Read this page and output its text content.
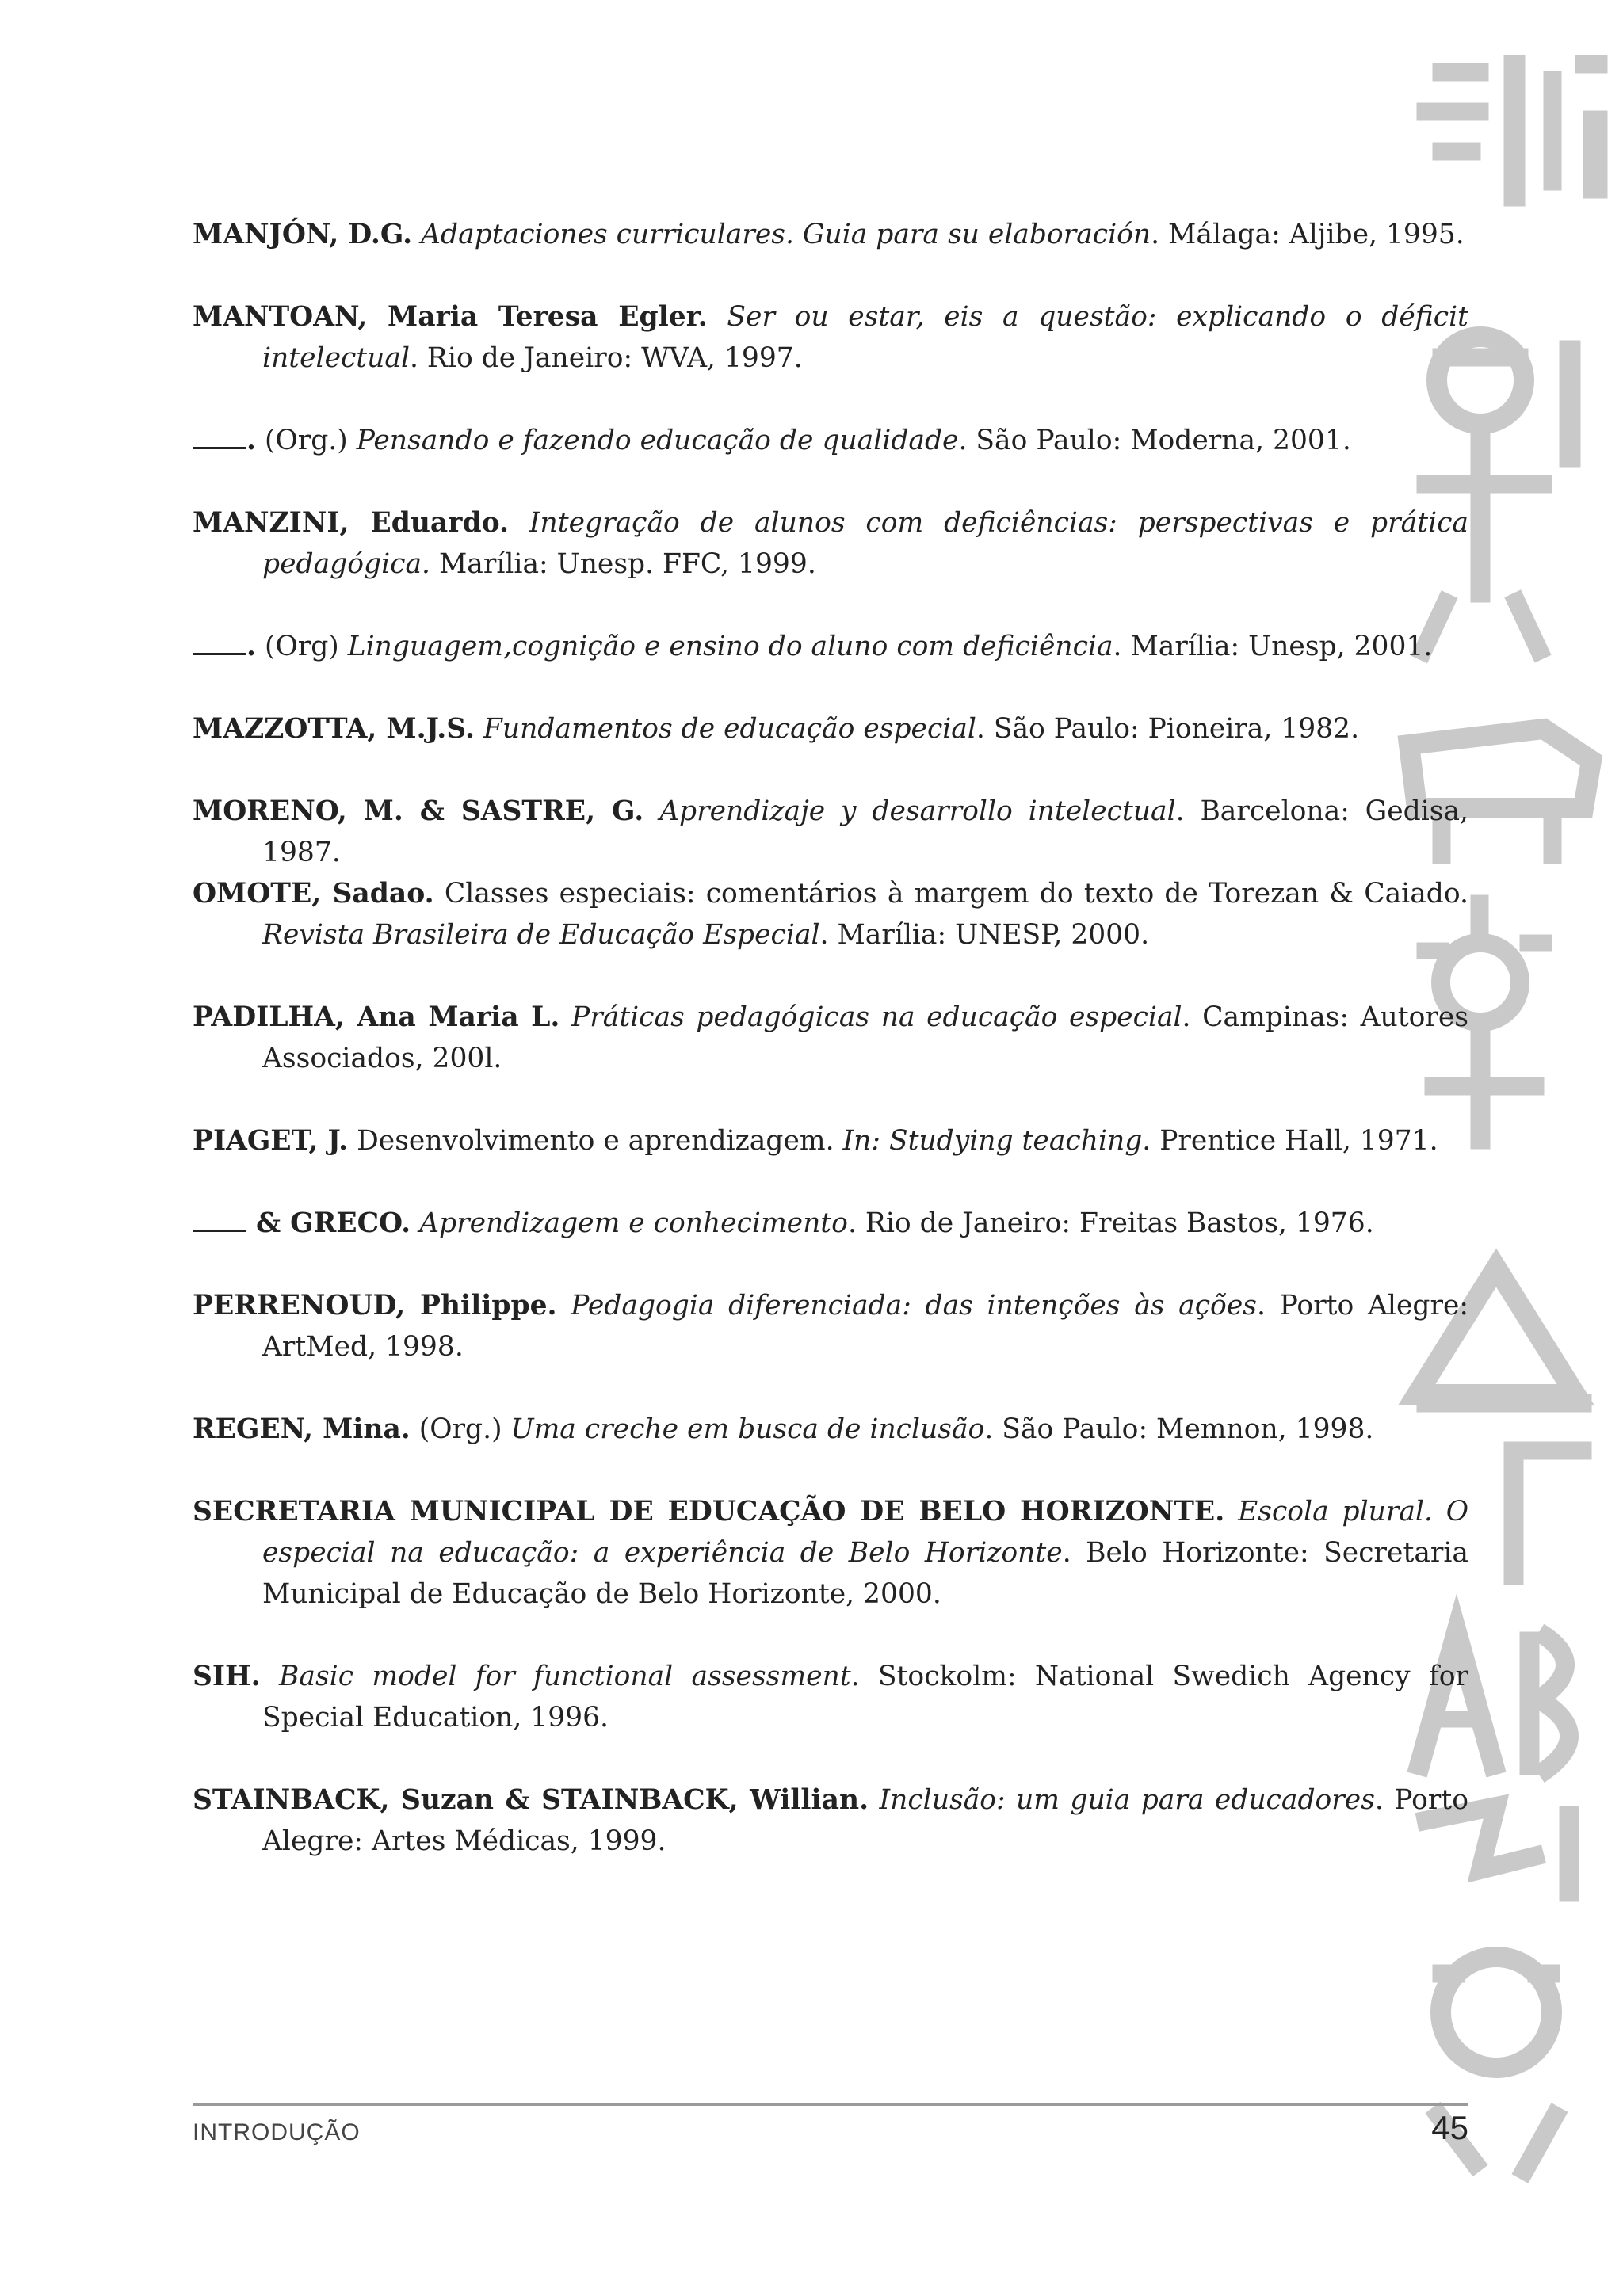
MANJÓN, D.G. Adaptaciones curriculares. Guia para su elaboración. Málaga: Aljibe, 1995.
MANTOAN, Maria Teresa Egler. Ser ou estar, eis a questão: explicando o déficit intelectual. Rio de Janeiro: WVA, 1997.
. (Org.) Pensando e fazendo educação de qualidade. São Paulo: Moderna, 2001.
MANZINI, Eduardo. Integração de alunos com deficiências: perspectivas e prática pedagógica. Marília: Unesp. FFC, 1999.
. (Org) Linguagem,cognição e ensino do aluno com deficiência. Marília: Unesp, 2001.
MAZZOTTA, M.J.S. Fundamentos de educação especial. São Paulo: Pioneira, 1982.
MORENO, M. & SASTRE, G. Aprendizaje y desarrollo intelectual. Barcelona: Gedisa, 1987.
OMOTE, Sadao. Classes especiais: comentários à margem do texto de Torezan & Caiado. Revista Brasileira de Educação Especial. Marília: UNESP, 2000.
PADILHA, Ana Maria L. Práticas pedagógicas na educação especial. Campinas: Autores Associados, 200l.
PIAGET, J. Desenvolvimento e aprendizagem. In: Studying teaching. Prentice Hall, 1971.
& GRECO. Aprendizagem e conhecimento. Rio de Janeiro: Freitas Bastos, 1976.
PERRENOUD, Philippe. Pedagogia diferenciada: das intenções às ações. Porto Alegre: ArtMed, 1998.
REGEN, Mina. (Org.) Uma creche em busca de inclusão. São Paulo: Memnon, 1998.
SECRETARIA MUNICIPAL DE EDUCAÇÃO DE BELO HORIZONTE. Escola plural. O especial na educação: a experiência de Belo Horizonte. Belo Horizonte: Secretaria Municipal de Educação de Belo Horizonte, 2000.
SIH. Basic model for functional assessment. Stockolm: National Swedich Agency for Special Education, 1996.
STAINBACK, Suzan & STAINBACK, Willian. Inclusão: um guia para educadores. Porto Alegre: Artes Médicas, 1999.
INTRODUÇÃO	45
